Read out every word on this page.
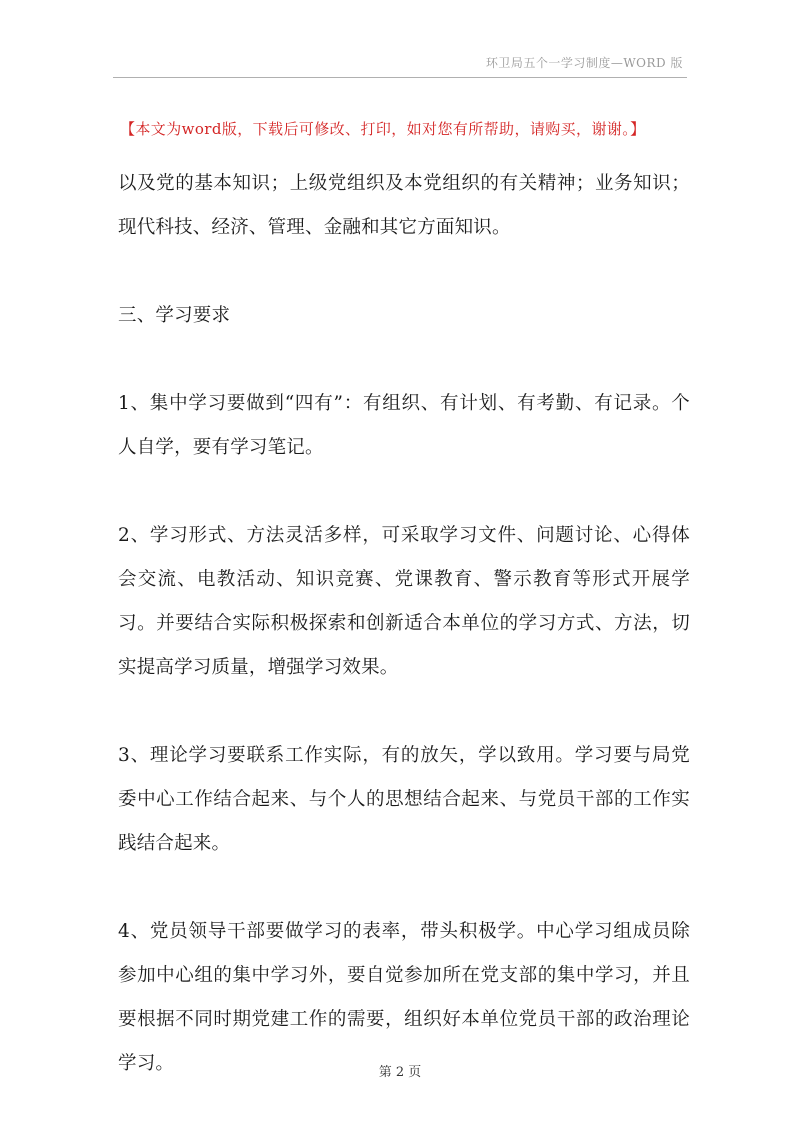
环卫局五个一学习制度—WORD 版
【本文为word版，下载后可修改、打印，如对您有所帮助，请购买，谢谢。】

以及党的基本知识；上级党组织及本党组织的有关精神；业务知识；现代科技、经济、管理、金融和其它方面知识。

三、学习要求

1、集中学习要做到“四有”：有组织、有计划、有考勤、有记录。个人自学，要有学习笔记。

2、学习形式、方法灵活多样，可采取学习文件、问题讨论、心得体会交流、电教活动、知识竞赛、党课教育、警示教育等形式开展学习。并要结合实际积极探索和创新适合本单位的学习方式、方法，切实提高学习质量，增强学习效果。

3、理论学习要联系工作实际，有的放矢，学以致用。学习要与局党委中心工作结合起来、与个人的思想结合起来、与党员干部的工作实践结合起来。

4、党员领导干部要做学习的表率，带头积极学。中心学习组成员除参加中心组的集中学习外，要自觉参加所在党支部的集中学习，并且要根据不同时期党建工作的需要，组织好本单位党员干部的政治理论学习。	第 2 页
